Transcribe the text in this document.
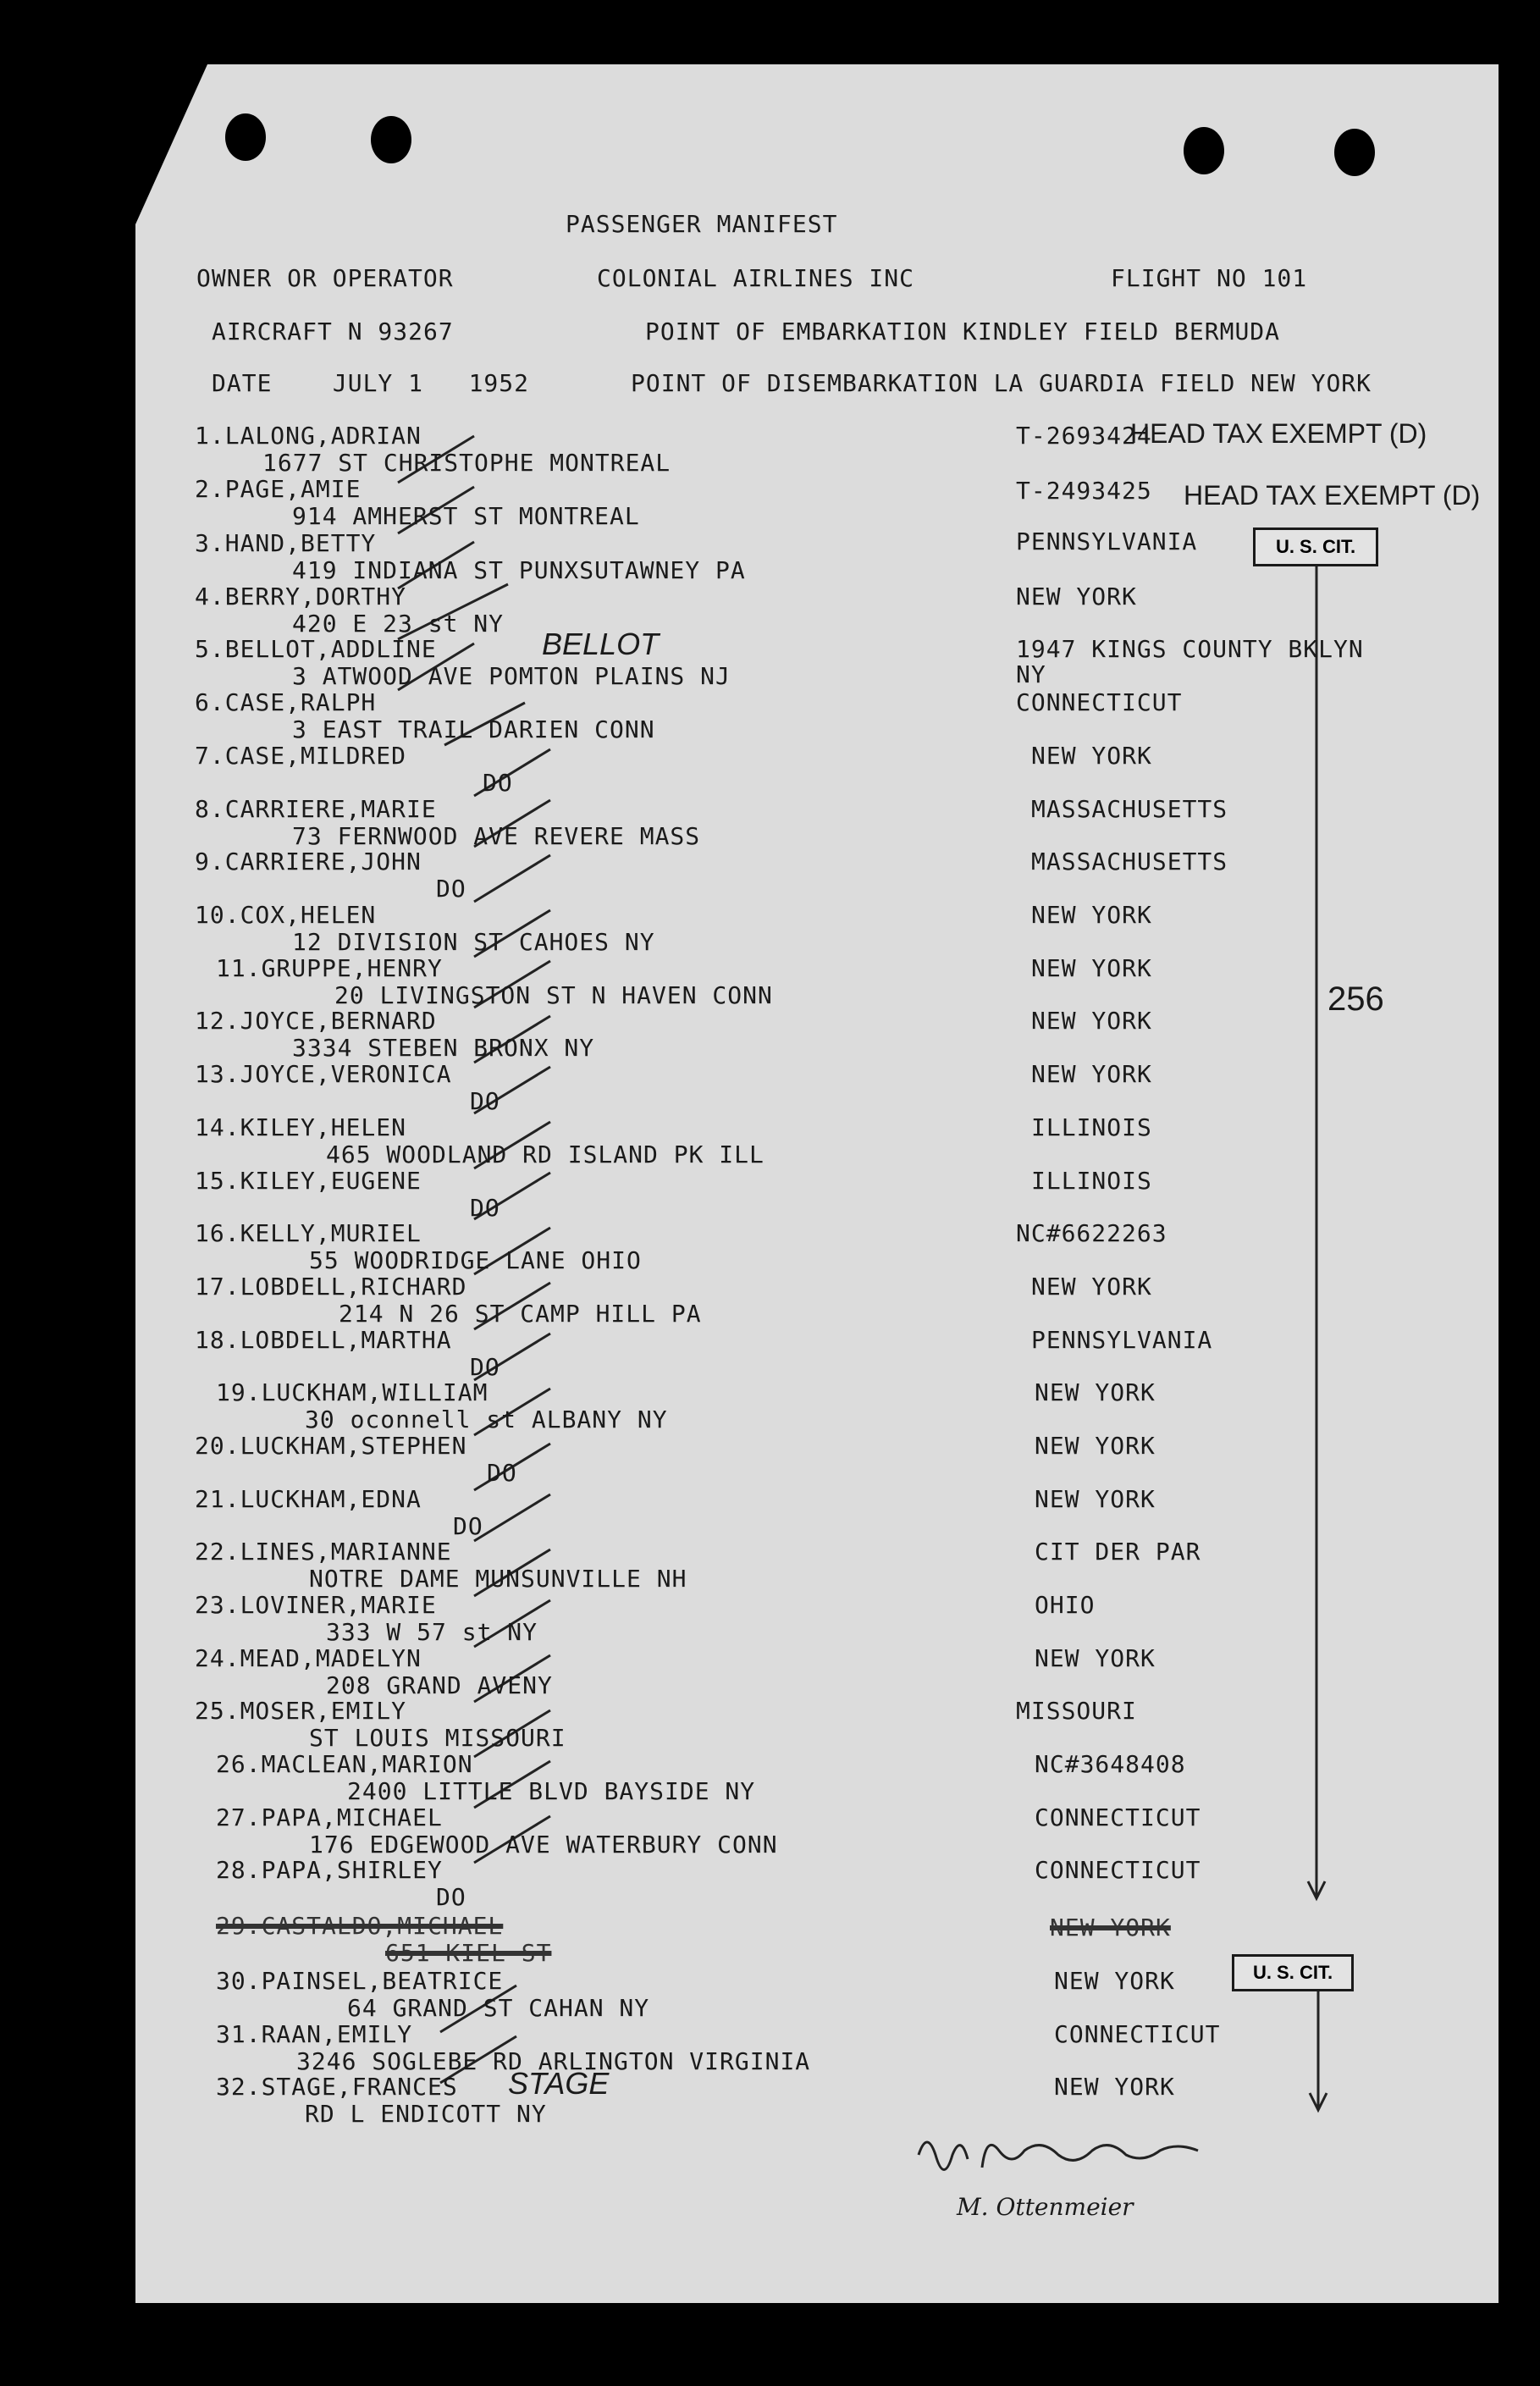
PASSENGER MANIFEST
OWNER OR OPERATOR	COLONIAL AIRLINES INC	FLIGHT NO 101
AIRCRAFT N 93267	POINT OF EMBARKATION KINDLEY FIELD BERMUDA
DATE    JULY 1   1952	POINT OF DISEMBARKATION LA GUARDIA FIELD NEW YORK
HEAD TAX EXEMPT (D)
HEAD TAX EXEMPT (D)
U. S. CIT.
U. S. CIT.
256
BELLOT
STAGE
M. Ottenmeier
1.LALONG,ADRIAN
1677 ST CHRISTOPHE MONTREAL
T-2693424
2.PAGE,AMIE
914 AMHERST ST MONTREAL
T-2493425
3.HAND,BETTY
419 INDIANA ST PUNXSUTAWNEY PA
PENNSYLVANIA
4.BERRY,DORTHY
420 E 23 st NY
NEW YORK
5.BELLOT,ADDLINE
3 ATWOOD AVE POMTON PLAINS NJ
1947 KINGS COUNTY BKLYN NY
6.CASE,RALPH
3 EAST TRAIL DARIEN CONN
CONNECTICUT
7.CASE,MILDRED
DO
NEW YORK
8.CARRIERE,MARIE
73 FERNWOOD AVE REVERE MASS
MASSACHUSETTS
9.CARRIERE,JOHN
DO
MASSACHUSETTS
10.COX,HELEN
12 DIVISION ST CAHOES NY
NEW YORK
11.GRUPPE,HENRY
20 LIVINGSTON ST N HAVEN CONN
NEW YORK
12.JOYCE,BERNARD
3334 STEBEN BRONX NY
NEW YORK
13.JOYCE,VERONICA
DO
NEW YORK
14.KILEY,HELEN
465 WOODLAND RD ISLAND PK ILL
ILLINOIS
15.KILEY,EUGENE
DO
ILLINOIS
16.KELLY,MURIEL
55 WOODRIDGE LANE OHIO
NC#6622263
17.LOBDELL,RICHARD
214 N 26 ST CAMP HILL PA
NEW YORK
18.LOBDELL,MARTHA
DO
PENNSYLVANIA
19.LUCKHAM,WILLIAM
30 oconnell st ALBANY NY
NEW YORK
20.LUCKHAM,STEPHEN
DO
NEW YORK
21.LUCKHAM,EDNA
DO
NEW YORK
22.LINES,MARIANNE
NOTRE DAME MUNSUNVILLE NH
CIT DER PAR
23.LOVINER,MARIE
333 W 57 st NY
OHIO
24.MEAD,MADELYN
208 GRAND AVENY
NEW YORK
25.MOSER,EMILY
ST LOUIS MISSOURI
MISSOURI
26.MACLEAN,MARION
2400 LITTLE BLVD BAYSIDE NY
NC#3648408
27.PAPA,MICHAEL
176 EDGEWOOD AVE WATERBURY CONN
CONNECTICUT
28.PAPA,SHIRLEY
DO
CONNECTICUT
29.CASTALDO,MICHAEL
651 KIEL ST
NEW YORK
30.PAINSEL,BEATRICE
64 GRAND ST CAHAN NY
NEW YORK
31.RAAN,EMILY
3246 SOGLEBE RD ARLINGTON VIRGINIA
CONNECTICUT
32.STAGE,FRANCES
RD L ENDICOTT NY
NEW YORK
